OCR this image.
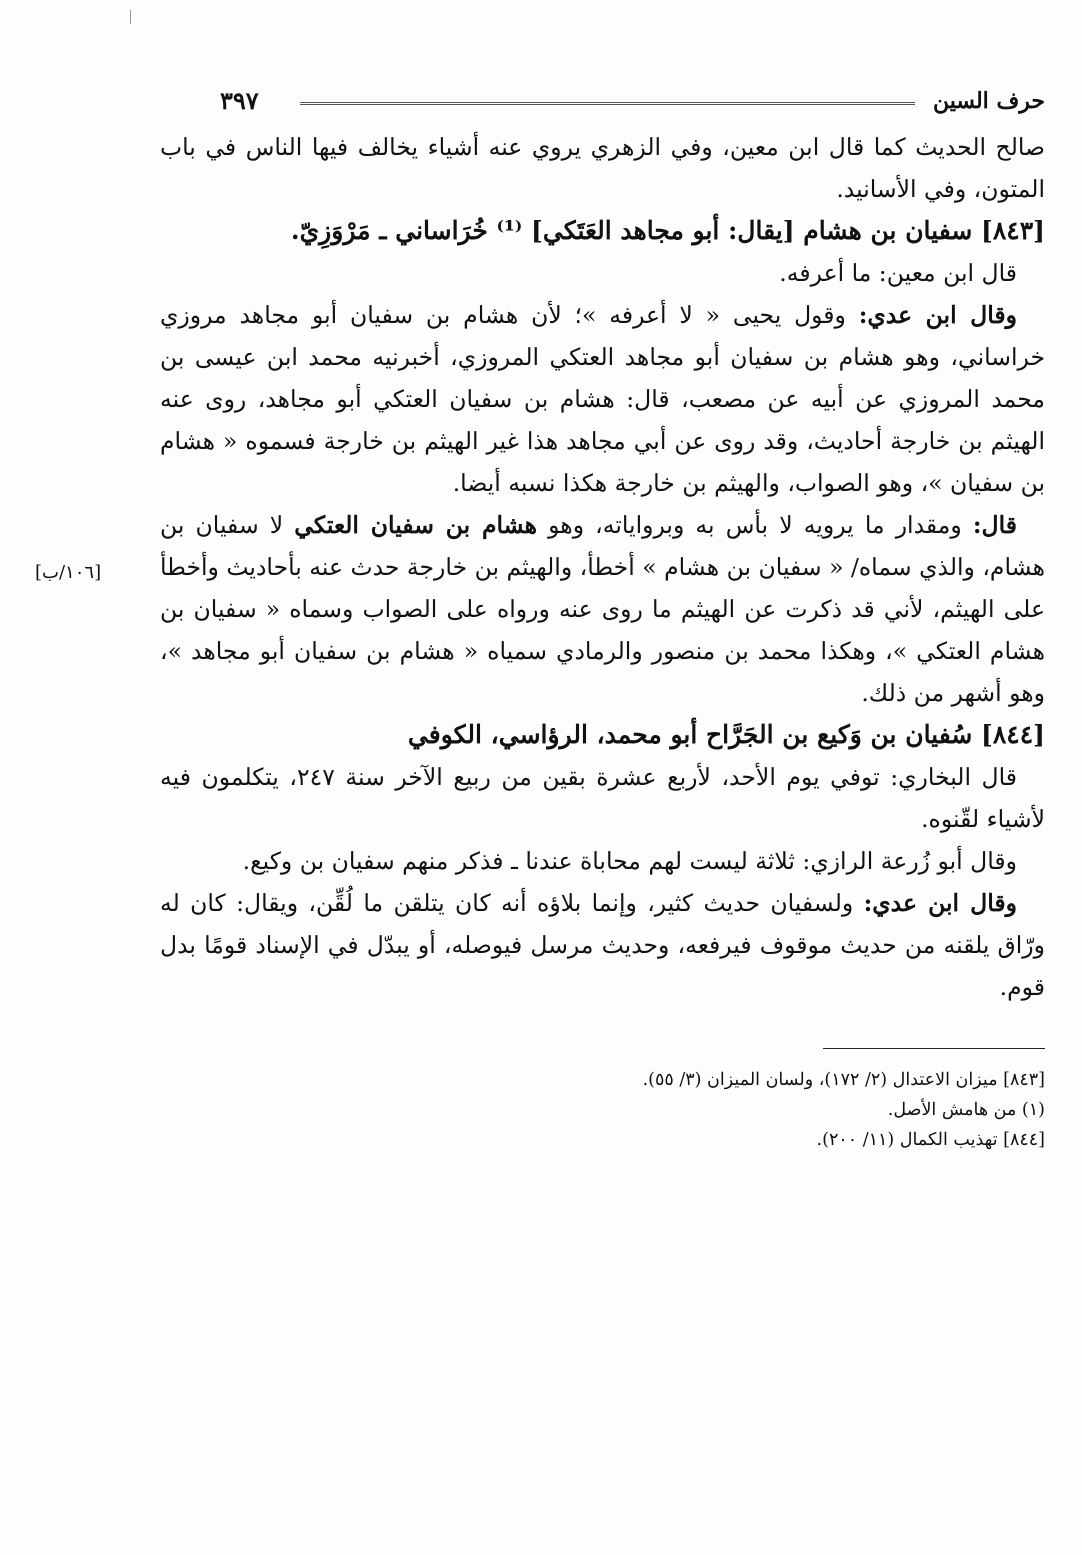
حرف السين
٣٩٧

صالح الحديث كما قال ابن معين، وفي الزهري يروي عنه أشياء يخالف فيها الناس في باب المتون، وفي الأسانيد.

[٨٤٣] سفيان بن هشام [يقال: أبو مجاهد العَتَكي] ⁽¹⁾ خُرَاساني ـ مَرْوَزِيّ.

قال ابن معين: ما أعرفه.

وقال ابن عدي: وقول يحيى « لا أعرفه »؛ لأن هشام بن سفيان أبو مجاهد مروزي خراساني، وهو هشام بن سفيان أبو مجاهد العتكي المروزي، أخبرنيه محمد ابن عيسى بن محمد المروزي عن أبيه عن مصعب، قال: هشام بن سفيان العتكي أبو مجاهد، روى عنه الهيثم بن خارجة أحاديث، وقد روى عن أبي مجاهد هذا غير الهيثم بن خارجة فسموه « هشام بن سفيان »، وهو الصواب، والهيثم بن خارجة هكذا نسبه أيضا.

[١٠٦/ب]
قال: ومقدار ما يرويه لا بأس به وبرواياته، وهو هشام بن سفيان العتكي لا سفيان بن هشام، والذي سماه/ « سفيان بن هشام » أخطأ، والهيثم بن خارجة حدث عنه بأحاديث وأخطأ على الهيثم، لأني قد ذكرت عن الهيثم ما روى عنه ورواه على الصواب وسماه « سفيان بن هشام العتكي »، وهكذا محمد بن منصور والرمادي سمياه « هشام بن سفيان أبو مجاهد »، وهو أشهر من ذلك.

[٨٤٤] سُفيان بن وَكيع بن الجَرَّاح أبو محمد، الرؤاسي، الكوفي

قال البخاري: توفي يوم الأحد، لأربع عشرة بقين من ربيع الآخر سنة ٢٤٧، يتكلمون فيه لأشياء لقّنوه.

وقال أبو زُرعة الرازي: ثلاثة ليست لهم محاباة عندنا ـ فذكر منهم سفيان بن وكيع.

وقال ابن عدي: ولسفيان حديث كثير، وإنما بلاؤه أنه كان يتلقن ما لُقِّن، ويقال: كان له ورّاق يلقنه من حديث موقوف فيرفعه، وحديث مرسل فيوصله، أو يبدّل في الإسناد قومًا بدل قوم.

[٨٤٣] ميزان الاعتدال (٢/ ١٧٢)، ولسان الميزان (٣/ ٥٥).
(١) من هامش الأصل.
[٨٤٤] تهذيب الكمال (١١/ ٢٠٠).
